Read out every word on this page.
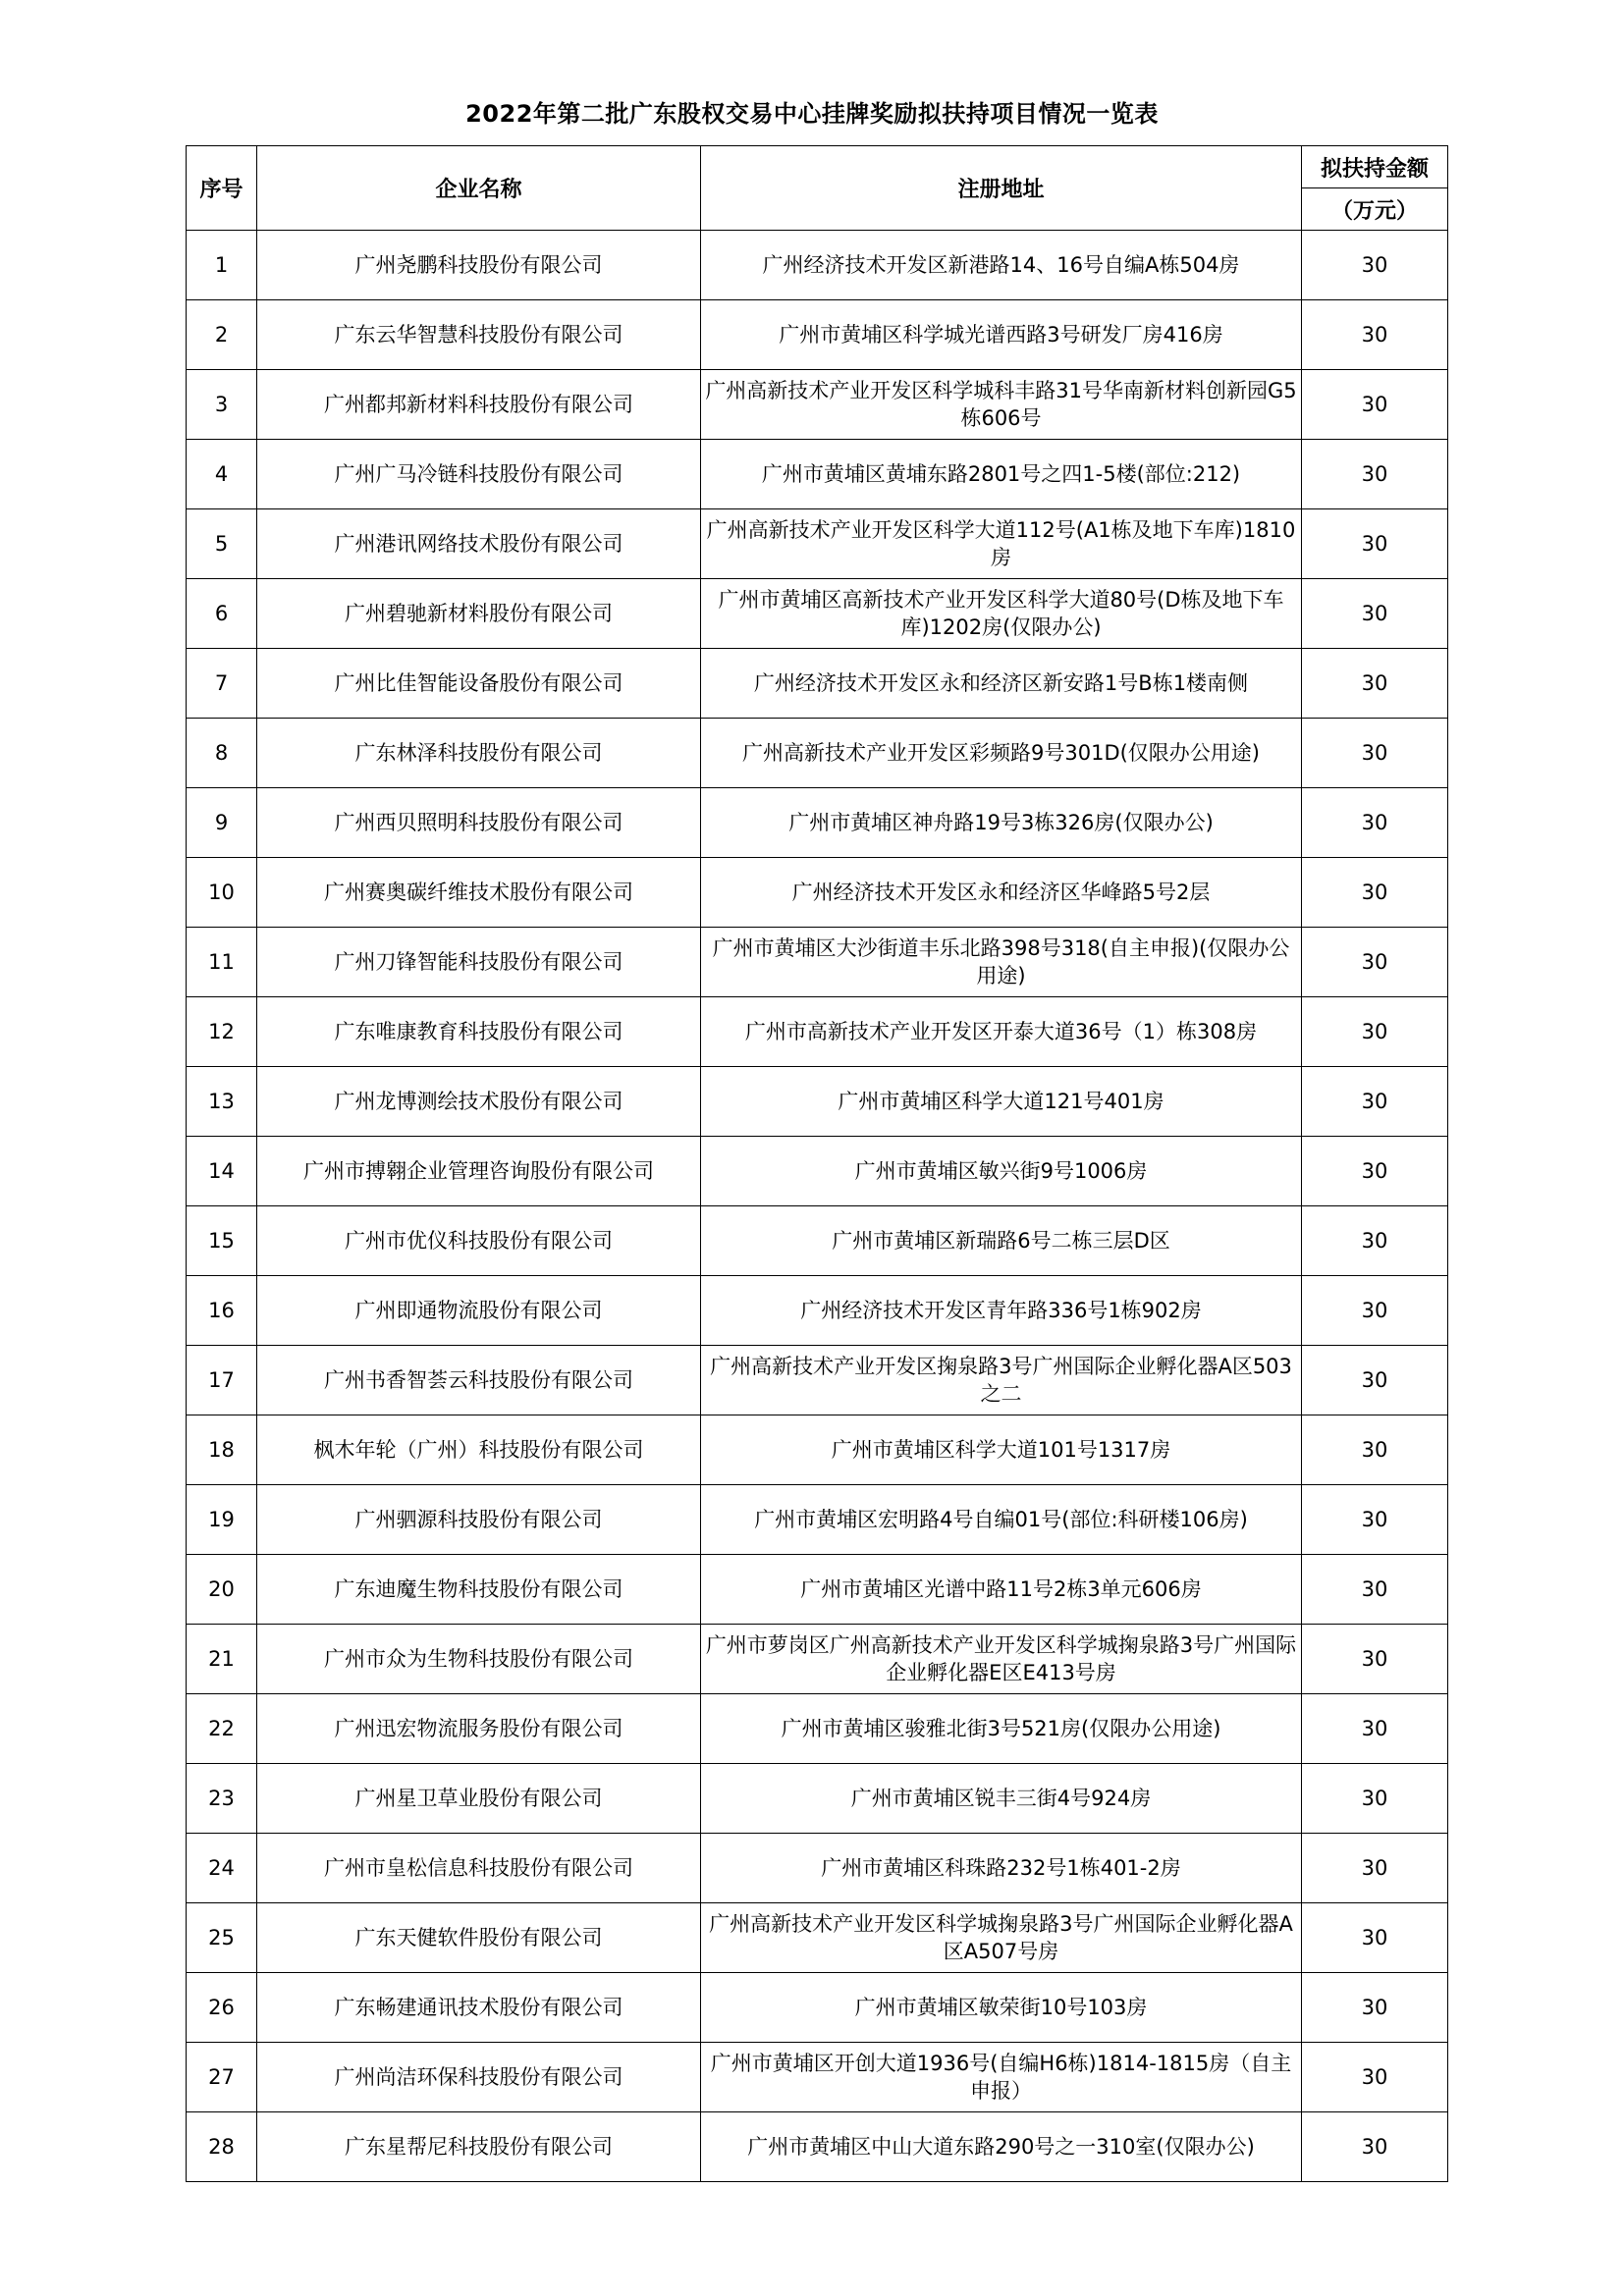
2022年第二批广东股权交易中心挂牌奖励拟扶持项目情况一览表
序号	企业名称	注册地址	拟扶持金额
			（万元）
1	广州尧鹏科技股份有限公司	广州经济技术开发区新港路14、16号自编A栋504房	30
2	广东云华智慧科技股份有限公司	广州市黄埔区科学城光谱西路3号研发厂房416房	30
3	广州都邦新材料科技股份有限公司	广州高新技术产业开发区科学城科丰路31号华南新材料创新园G5栋606号	30
4	广州广马冷链科技股份有限公司	广州市黄埔区黄埔东路2801号之四1-5楼(部位:212)	30
5	广州港讯网络技术股份有限公司	广州高新技术产业开发区科学大道112号(A1栋及地下车库)1810房	30
6	广州碧驰新材料股份有限公司	广州市黄埔区高新技术产业开发区科学大道80号(D栋及地下车库)1202房(仅限办公)	30
7	广州比佳智能设备股份有限公司	广州经济技术开发区永和经济区新安路1号B栋1楼南侧	30
8	广东林泽科技股份有限公司	广州高新技术产业开发区彩频路9号301D(仅限办公用途)	30
9	广州西贝照明科技股份有限公司	广州市黄埔区神舟路19号3栋326房(仅限办公)	30
10	广州赛奥碳纤维技术股份有限公司	广州经济技术开发区永和经济区华峰路5号2层	30
11	广州刀锋智能科技股份有限公司	广州市黄埔区大沙街道丰乐北路398号318(自主申报)(仅限办公用途)	30
12	广东唯康教育科技股份有限公司	广州市高新技术产业开发区开泰大道36号（1）栋308房	30
13	广州龙博测绘技术股份有限公司	广州市黄埔区科学大道121号401房	30
14	广州市搏翱企业管理咨询股份有限公司	广州市黄埔区敏兴街9号1006房	30
15	广州市优仪科技股份有限公司	广州市黄埔区新瑞路6号二栋三层D区	30
16	广州即通物流股份有限公司	广州经济技术开发区青年路336号1栋902房	30
17	广州书香智荟云科技股份有限公司	广州高新技术产业开发区掬泉路3号广州国际企业孵化器A区503之二	30
18	枫木年轮（广州）科技股份有限公司	广州市黄埔区科学大道101号1317房	30
19	广州驷源科技股份有限公司	广州市黄埔区宏明路4号自编01号(部位:科研楼106房)	30
20	广东迪魔生物科技股份有限公司	广州市黄埔区光谱中路11号2栋3单元606房	30
21	广州市众为生物科技股份有限公司	广州市萝岗区广州高新技术产业开发区科学城掬泉路3号广州国际企业孵化器E区E413号房	30
22	广州迅宏物流服务股份有限公司	广州市黄埔区骏雅北街3号521房(仅限办公用途)	30
23	广州星卫草业股份有限公司	广州市黄埔区锐丰三街4号924房	30
24	广州市皇松信息科技股份有限公司	广州市黄埔区科珠路232号1栋401-2房	30
25	广东天健软件股份有限公司	广州高新技术产业开发区科学城掬泉路3号广州国际企业孵化器A区A507号房	30
26	广东畅建通讯技术股份有限公司	广州市黄埔区敏荣街10号103房	30
27	广州尚洁环保科技股份有限公司	广州市黄埔区开创大道1936号(自编H6栋)1814-1815房（自主申报）	30
28	广东星帮尼科技股份有限公司	广州市黄埔区中山大道东路290号之一310室(仅限办公)	30
